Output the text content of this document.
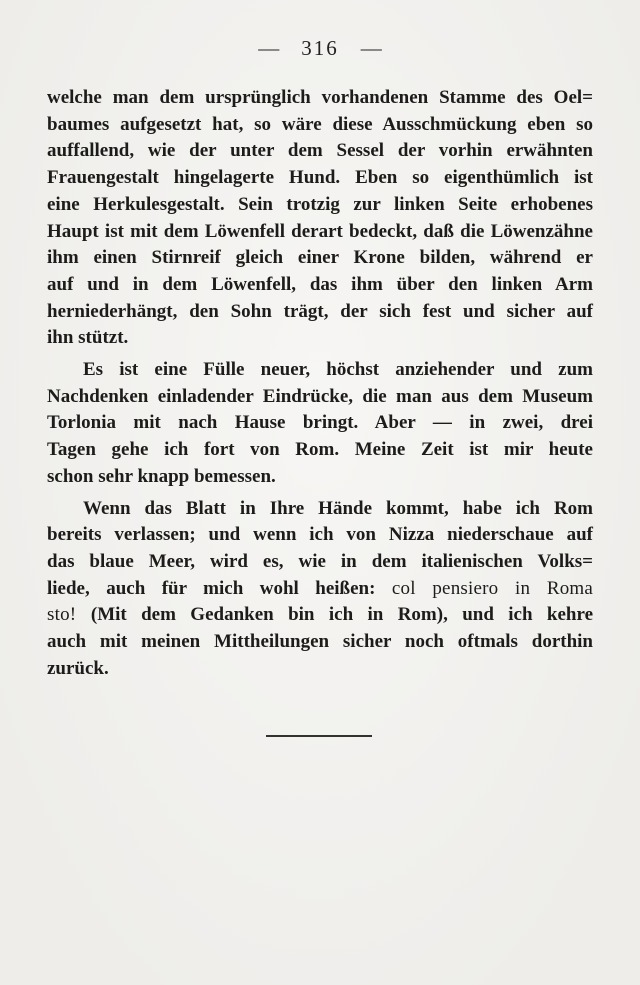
— 316 —
welche man dem ursprünglich vorhandenen Stamme des Oel=
baumes aufgesetzt hat, so wäre diese Ausschmückung eben so
auffallend, wie der unter dem Sessel der vorhin erwähnten
Frauengestalt hingelagerte Hund. Eben so eigenthümlich ist
eine Herkulesgestalt. Sein trotzig zur linken Seite erhobenes
Haupt ist mit dem Löwenfell derart bedeckt, daß die Löwenzähne
ihm einen Stirnreif gleich einer Krone bilden, während er
auf und in dem Löwenfell, das ihm über den linken Arm
herniederhängt, den Sohn trägt, der sich fest und sicher auf
ihn stützt.
Es ist eine Fülle neuer, höchst anziehender und zum
Nachdenken einladender Eindrücke, die man aus dem Museum
Torlonia mit nach Hause bringt. Aber — in zwei, drei
Tagen gehe ich fort von Rom. Meine Zeit ist mir heute
schon sehr knapp bemessen.
Wenn das Blatt in Ihre Hände kommt, habe ich Rom
bereits verlassen; und wenn ich von Nizza niederschaue auf
das blaue Meer, wird es, wie in dem italienischen Volks=
liede, auch für mich wohl heißen: col pensiero in Roma
sto! (Mit dem Gedanken bin ich in Rom), und ich kehre
auch mit meinen Mittheilungen sicher noch oftmals dorthin
zurück.
